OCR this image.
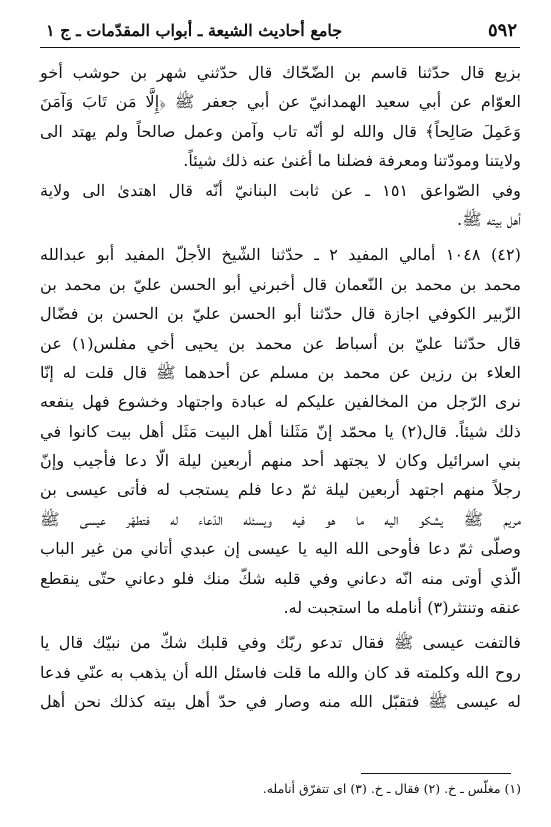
٥٩٢
جامع أحاديث الشيعة ـ أبواب المقدّمات ـ ج ١
بزيع قال حدّثنا قاسم بن الضّحّاك قال حدّثني شهر بن حوشب أخو
العوّام عن أبي سعيد الهمدانيّ عن أبي جعفر ﷺ ﴿إِلَّا مَن تَابَ وَآمَنَ
وَعَمِلَ صَالِحاً﴾ قال والله لو أنّه تاب وآمن وعمل صالحاً ولم يهتد الى
ولايتنا ومودّتنا ومعرفة فضلنا ما أغنىٰ عنه ذلك شيئاً.
وفي الصّواعق ١٥١ ـ عن ثابت البنانيّ أنّه قال اهتدىٰ الى ولاية
أهل بيته ﷺ.
(٤٢) ١٠٤٨ أمالي المفيد ٢ ـ حدّثنا الشّيخ الأجلّ المفيد أبو عبدالله
محمد بن محمد بن النّعمان قال أخبرني أبو الحسن عليّ بن محمد بن
الزّبير الكوفي اجازة قال حدّثنا أبو الحسن عليّ بن الحسن بن فضّال
قال حدّثنا عليّ بن أسباط عن محمد بن يحيى أخي مفلس(١) عن
العلاء بن رزين عن محمد بن مسلم عن أحدهما ﷺ قال قلت له إنّا
نرى الرّجل من المخالفين عليكم له عبادة واجتهاد وخشوع فهل ينفعه
ذلك شيئاً. قال(٢) يا محمّد إنّ مَثَلنا أهل البيت مَثَل أهل بيت كانوا في
بني اسرائيل وكان لا يجتهد أحد منهم أربعين ليلة الّا دعا فأجيب وإنّ
رجلاً منهم اجتهد أربعين ليلة ثمّ دعا فلم يستجب له فأتى عيسى بن
مريم ﷺ يشكو اليه ما هو فيه ويسئله الدّعاء له فتطهّر عيسى ﷺ
وصلّى ثمّ دعا فأوحى الله اليه يا عيسى إن عبدي أتاني من غير الباب
الّذي أوتى منه انّه دعاني وفي قلبه شكّ منك فلو دعاني حتّى ينقطع
عنقه وتنتثر(٣) أنامله ما استجبت له.
فالتفت عيسى ﷺ فقال تدعو ربّك وفي قلبك شكّ من نبيّك قال يا
روح الله وكلمته قد كان والله ما قلت فاسئل الله أن يذهب به عنّي فدعا
له عيسى ﷺ فتقبّل الله منه وصار في حدّ أهل بيته كذلك نحن أهل
(١) مغلّس ـ خ. (٢) فقال ـ خ. (٣) اى تتفرّق أنامله.
